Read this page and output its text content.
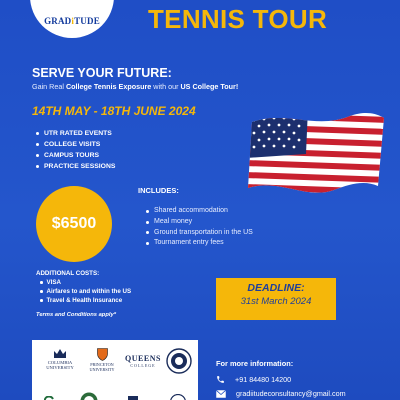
GRADiTUDE TENNIS TOUR
SERVE YOUR FUTURE:
Gain Real College Tennis Exposure with our US College Tour!
14TH MAY - 18TH JUNE 2024
UTR RATED EVENTS
COLLEGE VISITS
CAMPUS TOURS
PRACTICE SESSIONS
$6500
INCLUDES:
Shared accommodation
Meal money
Ground transportation in the US
Tournament entry fees
ADDITIONAL COSTS:
VISA
Airfares to and within the US
Travel & Health Insurance
Terms and Conditions apply*
DEADLINE:
31st March 2024
COLUMBIA
UNIVERSITY
PRINCETON
UNIVERSITY
QUEENS
COLLEGE	For more information:
+91 84480 14200
gradiitudeconsultancy@gmail.com
